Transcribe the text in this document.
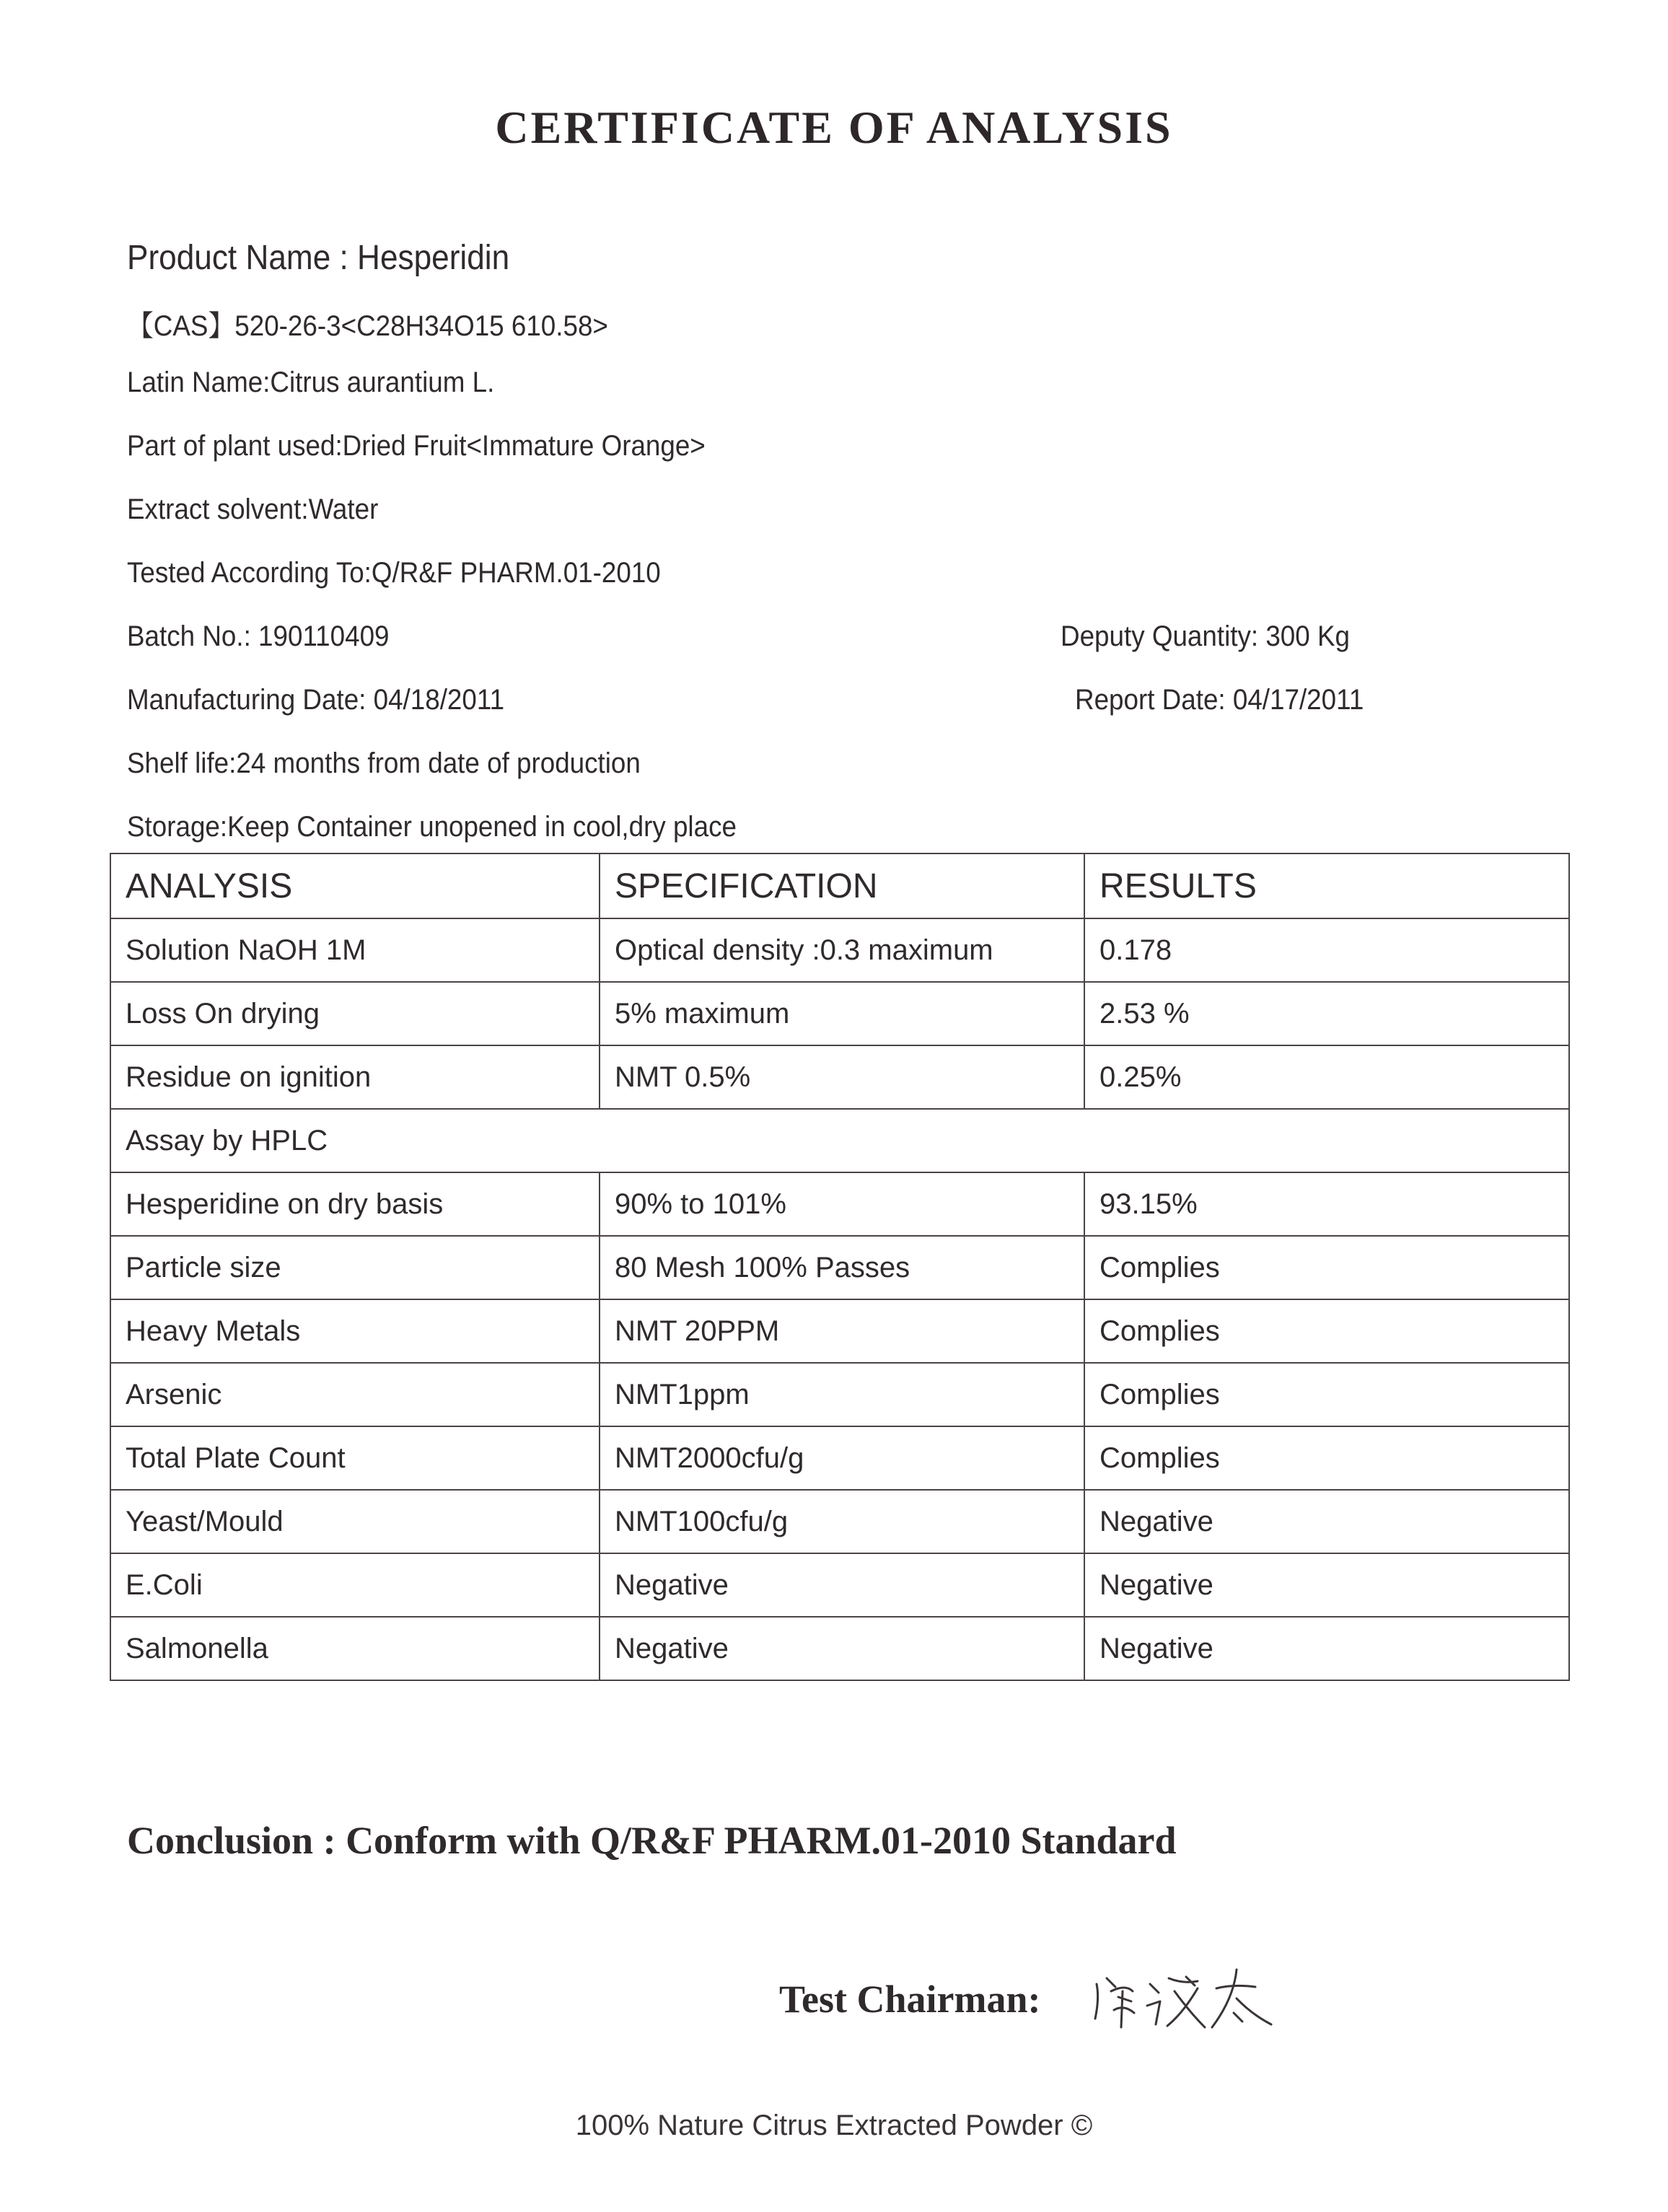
CERTIFICATE OF ANALYSIS
Product Name : Hesperidin
【CAS】520-26-3<C28H34O15 610.58>
Latin Name:Citrus aurantium L.
Part of plant used:Dried Fruit<Immature Orange>
Extract solvent:Water
Tested According To:Q/R&F PHARM.01-2010
Batch No.: 190110409	Deputy Quantity: 300 Kg
Manufacturing Date: 04/18/2011	Report Date: 04/17/2011
Shelf life:24 months from date of production
Storage:Keep Container unopened in cool,dry place
ANALYSIS	SPECIFICATION	RESULTS
Solution NaOH 1M	Optical density :0.3 maximum	0.178
Loss On drying	5% maximum	2.53 %
Residue on ignition	NMT 0.5%	0.25%
Assay by HPLC		
Hesperidine on dry basis	90% to 101%	93.15%
Particle size	80 Mesh 100% Passes	Complies
Heavy Metals	NMT 20PPM	Complies
Arsenic	NMT1ppm	Complies
Total Plate Count	NMT2000cfu/g	Complies
Yeast/Mould	NMT100cfu/g	Negative
E.Coli	Negative	Negative
Salmonella	Negative	Negative
Conclusion : Conform with Q/R&F PHARM.01-2010 Standard
Test Chairman:
100% Nature Citrus Extracted Powder ©
